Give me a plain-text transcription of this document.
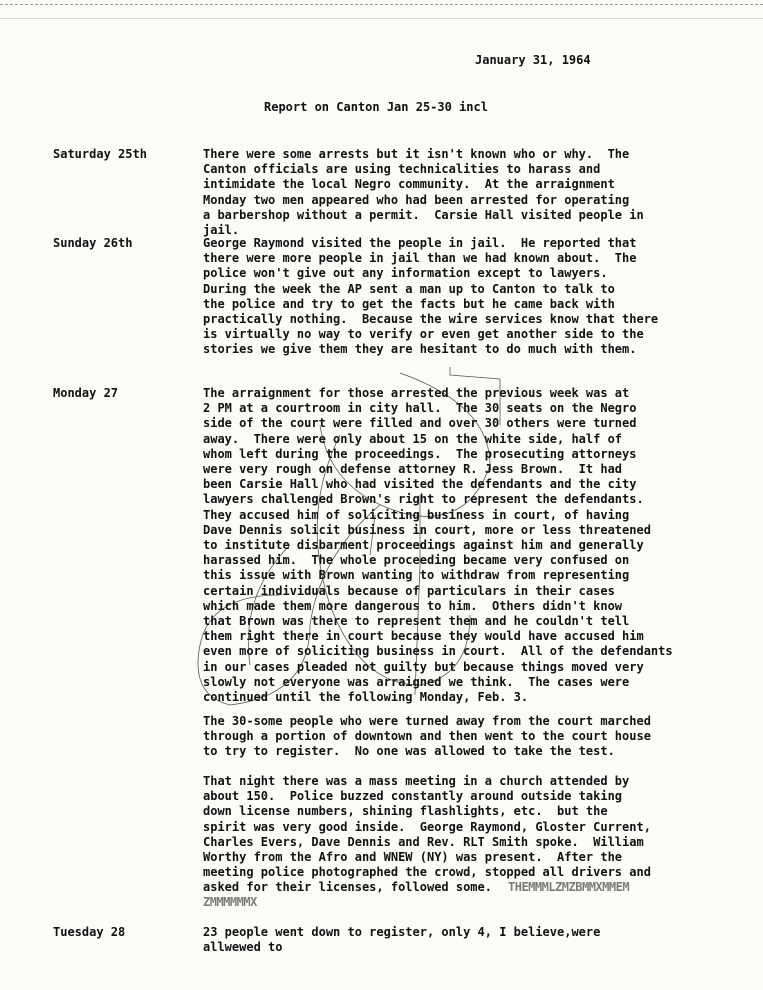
January 31, 1964
Report on Canton Jan 25-30 incl
Saturday 25th	There were some arrests but it isn't known who or why.  The
Canton officials are using technicalities to harass and
intimidate the local Negro community.  At the arraignment
Monday two men appeared who had been arrested for operating
a barbershop without a permit.  Carsie Hall visited people in
jail.
Sunday 26th	George Raymond visited the people in jail.  He reported that
there were more people in jail than we had known about.  The
police won't give out any information except to lawyers.
During the week the AP sent a man up to Canton to talk to
the police and try to get the facts but he came back with
practically nothing.  Because the wire services know that there
is virtually no way to verify or even get another side to the
stories we give them they are hesitant to do much with them.
Monday 27	The arraignment for those arrested the previous week was at
2 PM at a courtroom in city hall.  The 30 seats on the Negro
side of the court were filled and over 30 others were turned
away.  There were only about 15 on the white side, half of
whom left during the proceedings.  The prosecuting attorneys
were very rough on defense attorney R. Jess Brown.  It had
been Carsie Hall who had visited the defendants and the city
lawyers challenged Brown's right to represent the defendants.
They accused him of soliciting business in court, of having
Dave Dennis solicit business in court, more or less threatened
to institute disbarment proceedings against him and generally
harassed him.  The whole proceeding became very confused on
this issue with Brown wanting to withdraw from representing
certain individuals because of particulars in their cases
which made them more dangerous to him.  Others didn't know
that Brown was there to represent them and he couldn't tell
them right there in court because they would have accused him
even more of soliciting business in court.  All of the defendants
in our cases pleaded not guilty but because things moved very
slowly not everyone was arraigned we think.  The cases were
continued until the following Monday, Feb. 3.
The 30-some people who were turned away from the court marched
through a portion of downtown and then went to the court house
to try to register.  No one was allowed to take the test.
That night there was a mass meeting in a church attended by
about 150.  Police buzzed constantly around outside taking
down license numbers, shining flashlights, etc.  but the
spirit was very good inside.  George Raymond, Gloster Current,
Charles Evers, Dave Dennis and Rev. RLT Smith spoke.  William
Worthy from the Afro and WNEW (NY) was present.  After the
meeting police photographed the crowd, stopped all drivers and
asked for their licenses, followed some.	THEMMMLZMZBMMXMMEM
ZMMMMMMX
Tuesday 28	23 people went down to register, only 4, I believe,were
allwewed to
